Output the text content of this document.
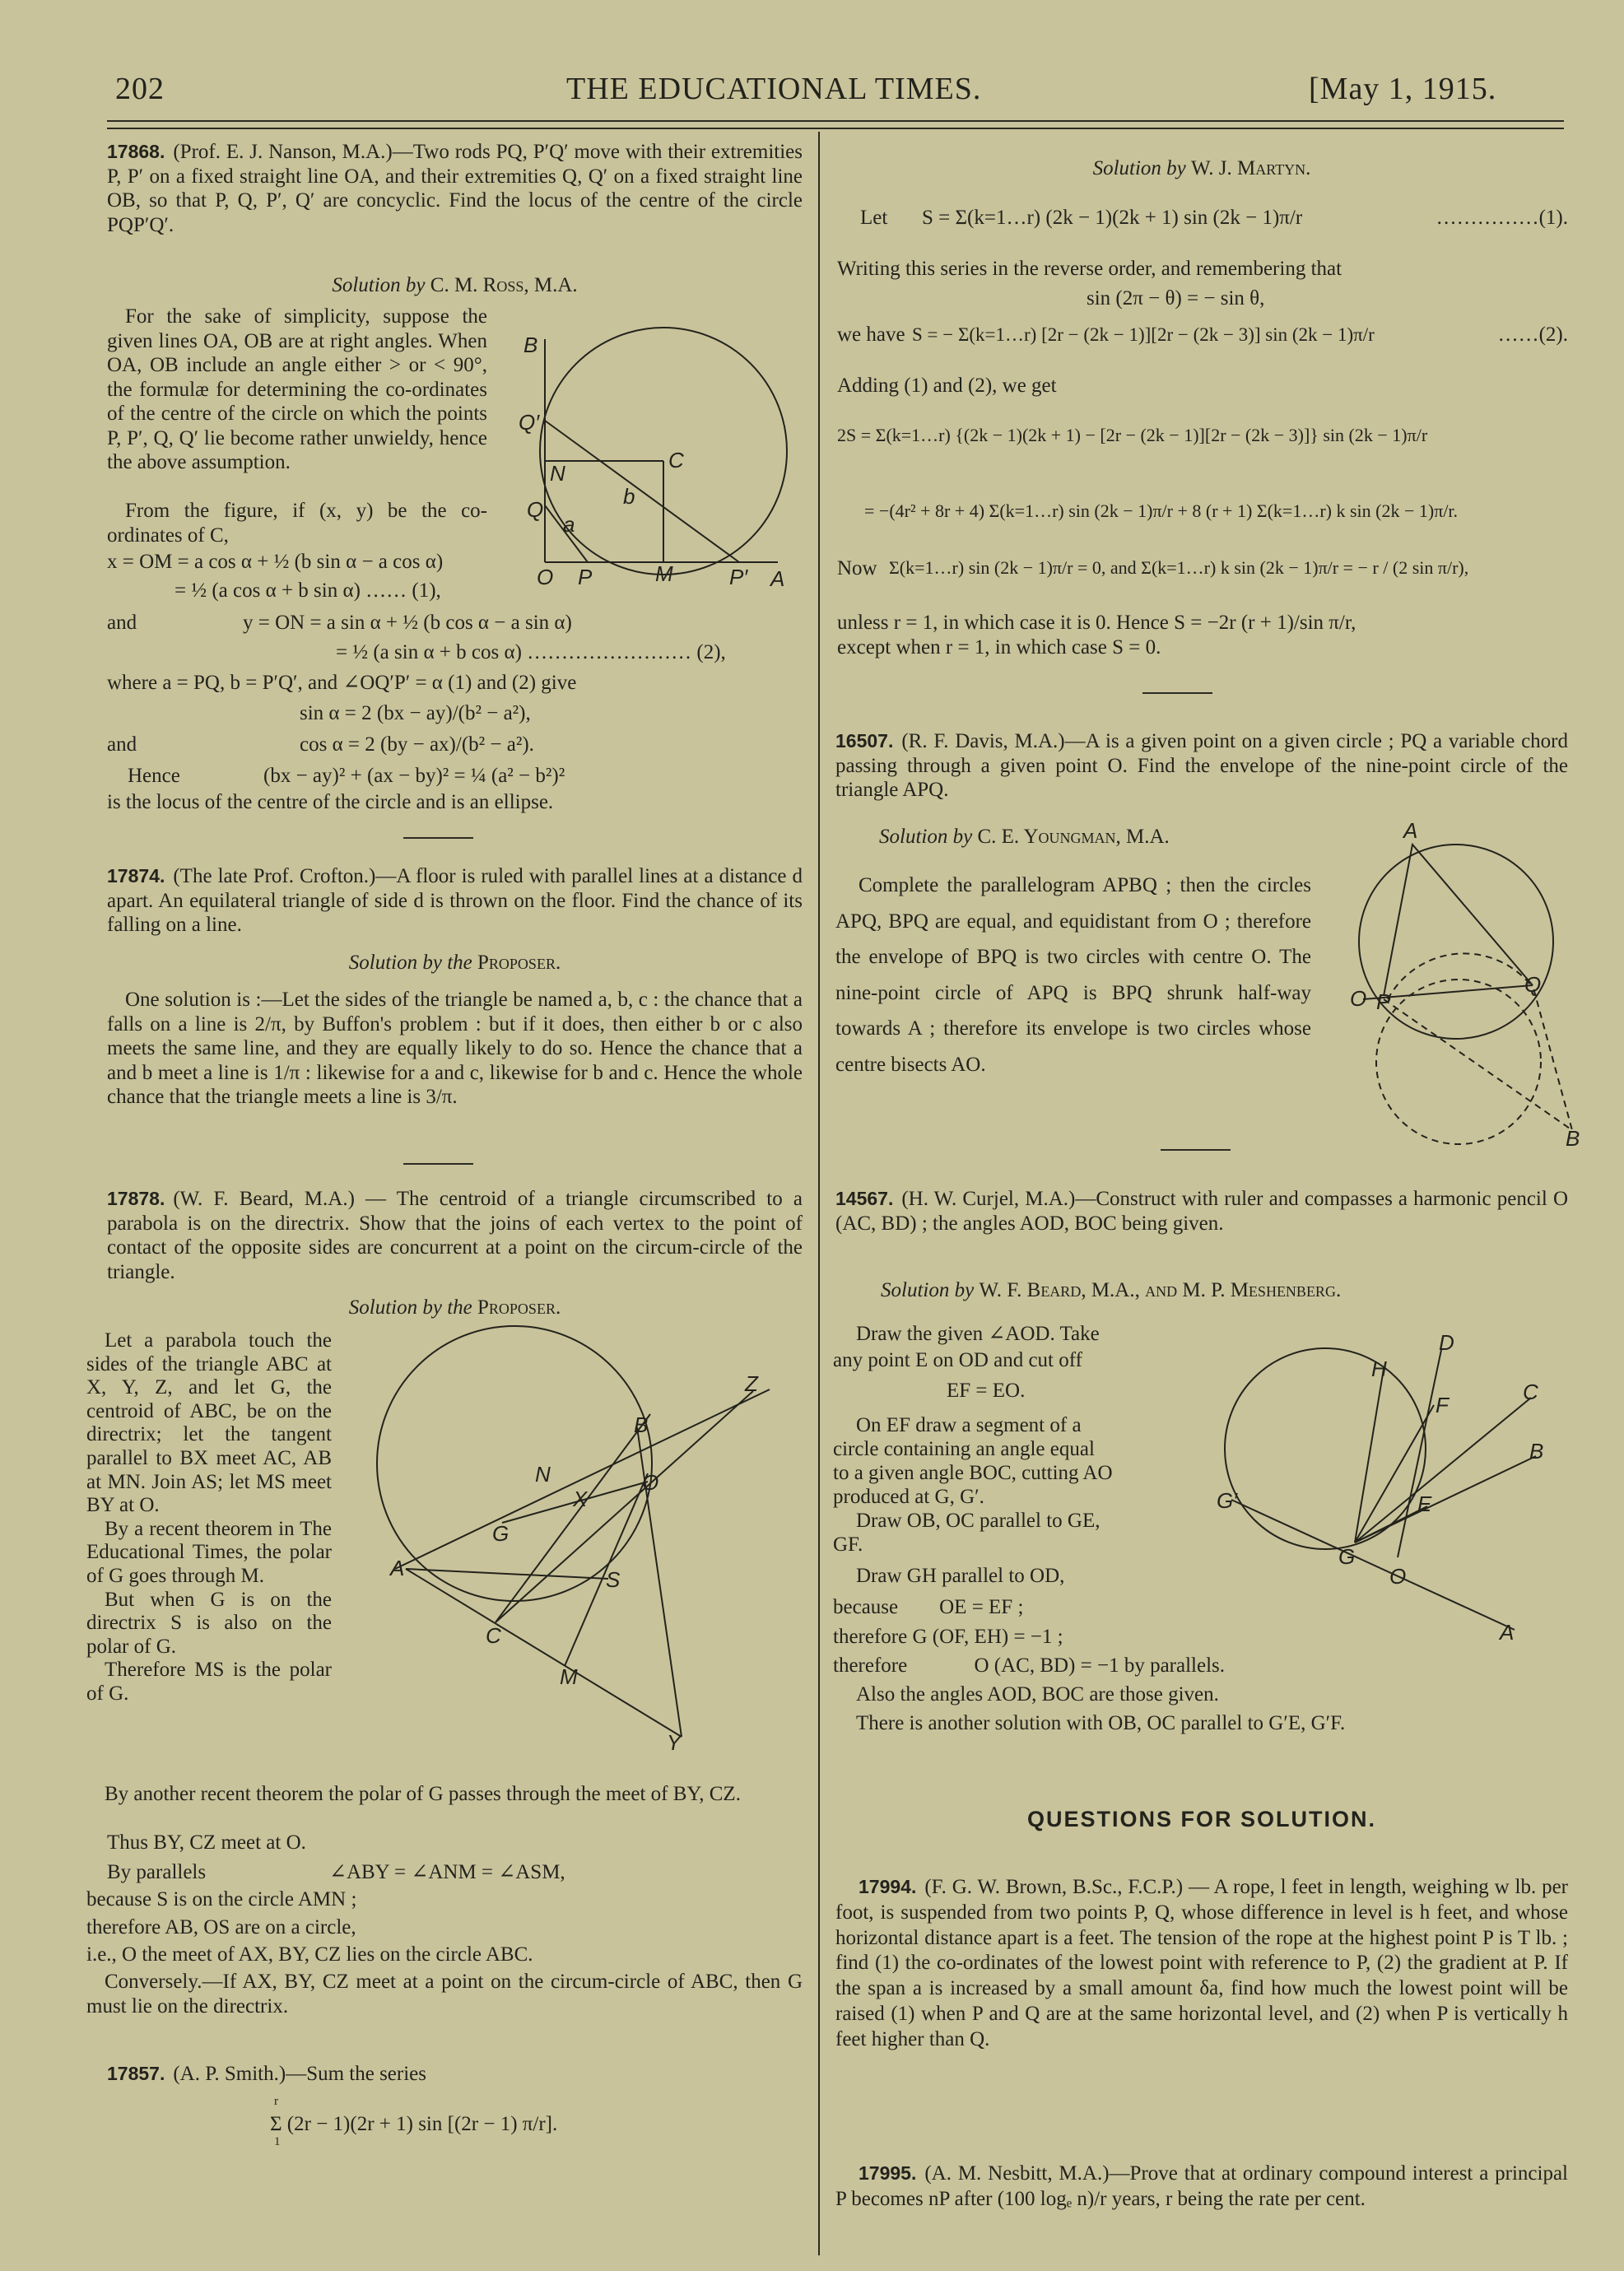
202	THE EDUCATIONAL TIMES.	[May 1, 1915.
17868. (Prof. E. J. Nanson, M.A.)—Two rods PQ, P′Q′ move with their extremities P, P′ on a fixed straight line OA, and their extremities Q, Q′ on a fixed straight line OB, so that P, Q, P′, Q′ are concyclic. Find the locus of the centre of the circle PQP′Q′.
Solution by C. M. Ross, M.A.
For the sake of simplicity, suppose the given lines OA, OB are at right angles. When OA, OB include an angle either > or < 90°, the formulæ for determining the co-ordinates of the centre of the circle on which the points P, P′, Q, Q′ lie become rather unwieldy, hence the above assumption.
From the figure, if (x, y) be the co-ordinates of C,
x = OM = a cos α + ½ (b sin α − a cos α)
= ½ (a cos α + b sin α) …… (1),
and	y = ON = a sin α + ½ (b cos α − a sin α)
= ½ (a sin α + b cos α) …………………… (2),
where a = PQ, b = P′Q′, and ∠OQ′P′ = α (1) and (2) give
sin α = 2 (bx − ay)/(b² − a²),
and	cos α = 2 (by − ax)/(b² − a²).
Hence	(bx − ay)² + (ax − by)² = ¼ (a² − b²)²
is the locus of the centre of the circle and is an ellipse.
17874. (The late Prof. Crofton.)—A floor is ruled with parallel lines at a distance d apart. An equilateral triangle of side d is thrown on the floor. Find the chance of its falling on a line.
Solution by the Proposer.
One solution is :—Let the sides of the triangle be named a, b, c : the chance that a falls on a line is 2/π, by Buffon's problem : but if it does, then either b or c also meets the same line, and they are equally likely to do so. Hence the chance that a and b meet a line is 1/π : likewise for a and c, likewise for b and c. Hence the whole chance that the triangle meets a line is 3/π.
17878. (W. F. Beard, M.A.) — The centroid of a triangle circumscribed to a parabola is on the directrix. Show that the joins of each vertex to the point of contact of the opposite sides are concurrent at a point on the circum-circle of the triangle.
Solution by the Proposer.
Let a parabola touch the sides of the triangle ABC at X, Y, Z, and let G, the centroid of ABC, be on the directrix; let the tangent parallel to BX meet AC, AB at MN. Join AS; let MS meet BY at O.
By a recent theorem in The Educational Times, the polar of G goes through M.
But when G is on the directrix S is also on the polar of G.
Therefore MS is the polar of G.
By another recent theorem the polar of G passes through the meet of BY, CZ.
Thus BY, CZ meet at O.
By parallels	∠ABY = ∠ANM = ∠ASM,
because S is on the circle AMN ;
therefore AB, OS are on a circle,
i.e., O the meet of AX, BY, CZ lies on the circle ABC.
Conversely.—If AX, BY, CZ meet at a point on the circum-circle of ABC, then G must lie on the directrix.
17857. (A. P. Smith.)—Sum the series
r
Σ (2r − 1)(2r + 1) sin [(2r − 1) π/r].
1
Solution by W. J. Martyn.
Let S = Σ(k=1…r) (2k − 1)(2k + 1) sin (2k − 1)π/r	……………(1).
Writing this series in the reverse order, and remembering that
sin (2π − θ) = − sin θ,
we have S = − Σ(k=1…r) [2r − (2k − 1)][2r − (2k − 3)] sin (2k − 1)π/r	……(2).
Adding (1) and (2), we get
2S = Σ(k=1…r) {(2k − 1)(2k + 1) − [2r − (2k − 1)][2r − (2k − 3)]} sin (2k − 1)π/r
= −(4r² + 8r + 4) Σ(k=1…r) sin (2k − 1)π/r + 8 (r + 1) Σ(k=1…r) k sin (2k − 1)π/r.
Now Σ(k=1…r) sin (2k − 1)π/r = 0, and Σ(k=1…r) k sin (2k − 1)π/r = − r / (2 sin π/r),
unless r = 1, in which case it is 0. Hence S = −2r (r + 1)/sin π/r,
except when r = 1, in which case S = 0.
16507. (R. F. Davis, M.A.)—A is a given point on a given circle ; PQ a variable chord passing through a given point O. Find the envelope of the nine-point circle of the triangle APQ.
Solution by C. E. Youngman, M.A.
Complete the parallelogram APBQ ; then the circles APQ, BPQ are equal, and equidistant from O ; therefore the envelope of BPQ is two circles with centre O. The nine-point circle of APQ is BPQ shrunk half-way towards A ; therefore its envelope is two circles whose centre bisects AO.
14567. (H. W. Curjel, M.A.)—Construct with ruler and compasses a harmonic pencil O (AC, BD) ; the angles AOD, BOC being given.
Solution by W. F. Beard, M.A., and M. P. Meshenberg.
Draw the given ∠AOD. Take
any point E on OD and cut off
EF = EO.
On EF draw a segment of a
circle containing an angle equal
to a given angle BOC, cutting AO
produced at G, G′.
Draw OB, OC parallel to GE,
GF.
Draw GH parallel to OD,
because        OE = EF ;
therefore G (OF, EH) = −1 ;
therefore             O (AC, BD) = −1 by parallels.
Also the angles AOD, BOC are those given.
There is another solution with OB, OC parallel to G′E, G′F.
QUESTIONS FOR SOLUTION.
17994. (F. G. W. Brown, B.Sc., F.C.P.) — A rope, l feet in length, weighing w lb. per foot, is suspended from two points P, Q, whose difference in level is h feet, and whose horizontal distance apart is a feet. The tension of the rope at the highest point P is T lb. ; find (1) the co-ordinates of the lowest point with reference to P, (2) the gradient at P. If the span a is increased by a small amount δa, find how much the lowest point will be raised (1) when P and Q are at the same horizontal level, and (2) when P is vertically h feet higher than Q.
17995. (A. M. Nesbitt, M.A.)—Prove that at ordinary compound interest a principal P becomes nP after (100 logₑ n)/r years, r being the rate per cent.
B
Q′
N
C
b
Q
a
O P	M	P′ A
Z
B
N	O
X
G
A	S
C
M
Y
A
O P
Q
B
D
H
C
F
B
G′	E
G
O
A
